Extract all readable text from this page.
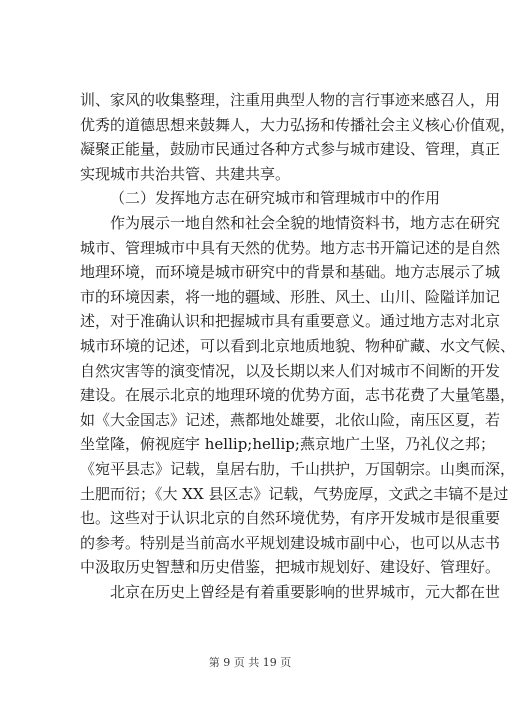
训、家风的收集整理，注重用典型人物的言行事迹来感召人，用
优秀的道德思想来鼓舞人，大力弘扬和传播社会主义核心价值观，
凝聚正能量，鼓励市民通过各种方式参与城市建设、管理，真正
实现城市共治共管、共建共享。
（二）发挥地方志在研究城市和管理城市中的作用
作为展示一地自然和社会全貌的地情资料书，地方志在研究
城市、管理城市中具有天然的优势。地方志书开篇记述的是自然
地理环境，而环境是城市研究中的背景和基础。地方志展示了城
市的环境因素，将一地的疆域、形胜、风土、山川、险隘详加记
述，对于准确认识和把握城市具有重要意义。通过地方志对北京
城市环境的记述，可以看到北京地质地貌、物种矿藏、水文气候、
自然灾害等的演变情况，以及长期以来人们对城市不间断的开发
建设。在展示北京的地理环境的优势方面，志书花费了大量笔墨，
如《大金国志》记述，燕都地处雄要，北依山险，南压区夏，若
坐堂隆，俯视庭宇 hellip;hellip;燕京地广土坚，乃礼仪之邦；
《宛平县志》记载，皇居右肋，千山拱护，万国朝宗。山奥而深，
土肥而衍；《大 XX 县区志》记载，气势庞厚，文武之丰镐不是过
也。这些对于认识北京的自然环境优势，有序开发城市是很重要
的参考。特别是当前高水平规划建设城市副中心，也可以从志书
中汲取历史智慧和历史借鉴，把城市规划好、建设好、管理好。
北京在历史上曾经是有着重要影响的世界城市，元大都在世
第 9 页 共 19 页
